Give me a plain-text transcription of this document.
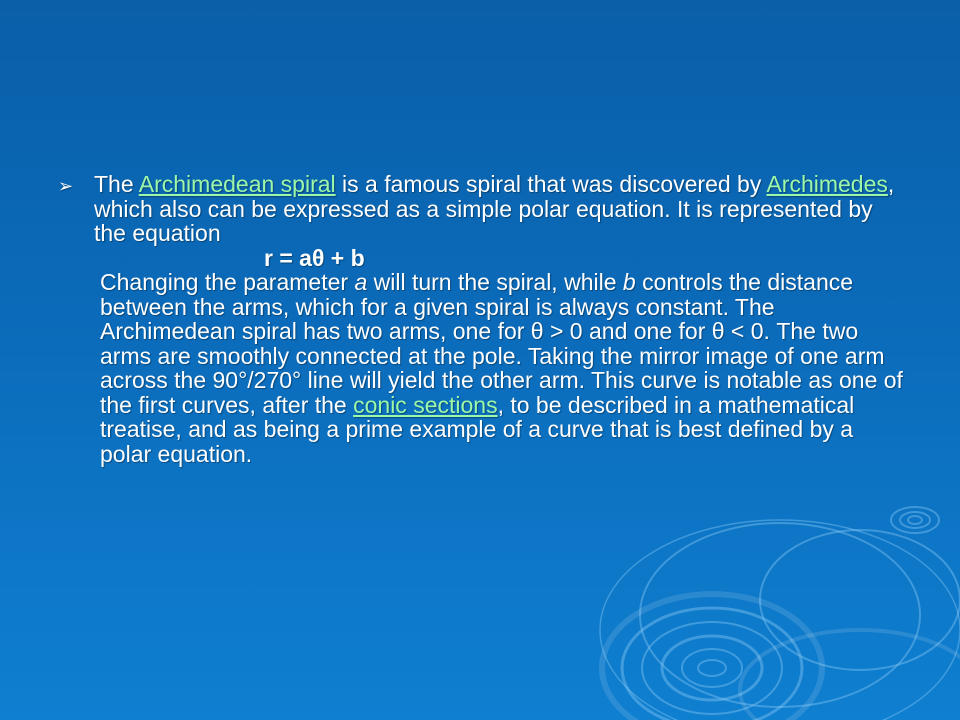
➢ The Archimedean spiral is a famous spiral that was discovered by Archimedes, which also can be expressed as a simple polar equation. It is represented by the equation
r = aθ + b
Changing the parameter a will turn the spiral, while b controls the distance between the arms, which for a given spiral is always constant. The Archimedean spiral has two arms, one for θ > 0 and one for θ < 0. The two arms are smoothly connected at the pole. Taking the mirror image of one arm across the 90°/270° line will yield the other arm. This curve is notable as one of the first curves, after the conic sections, to be described in a mathematical treatise, and as being a prime example of a curve that is best defined by a polar equation.
